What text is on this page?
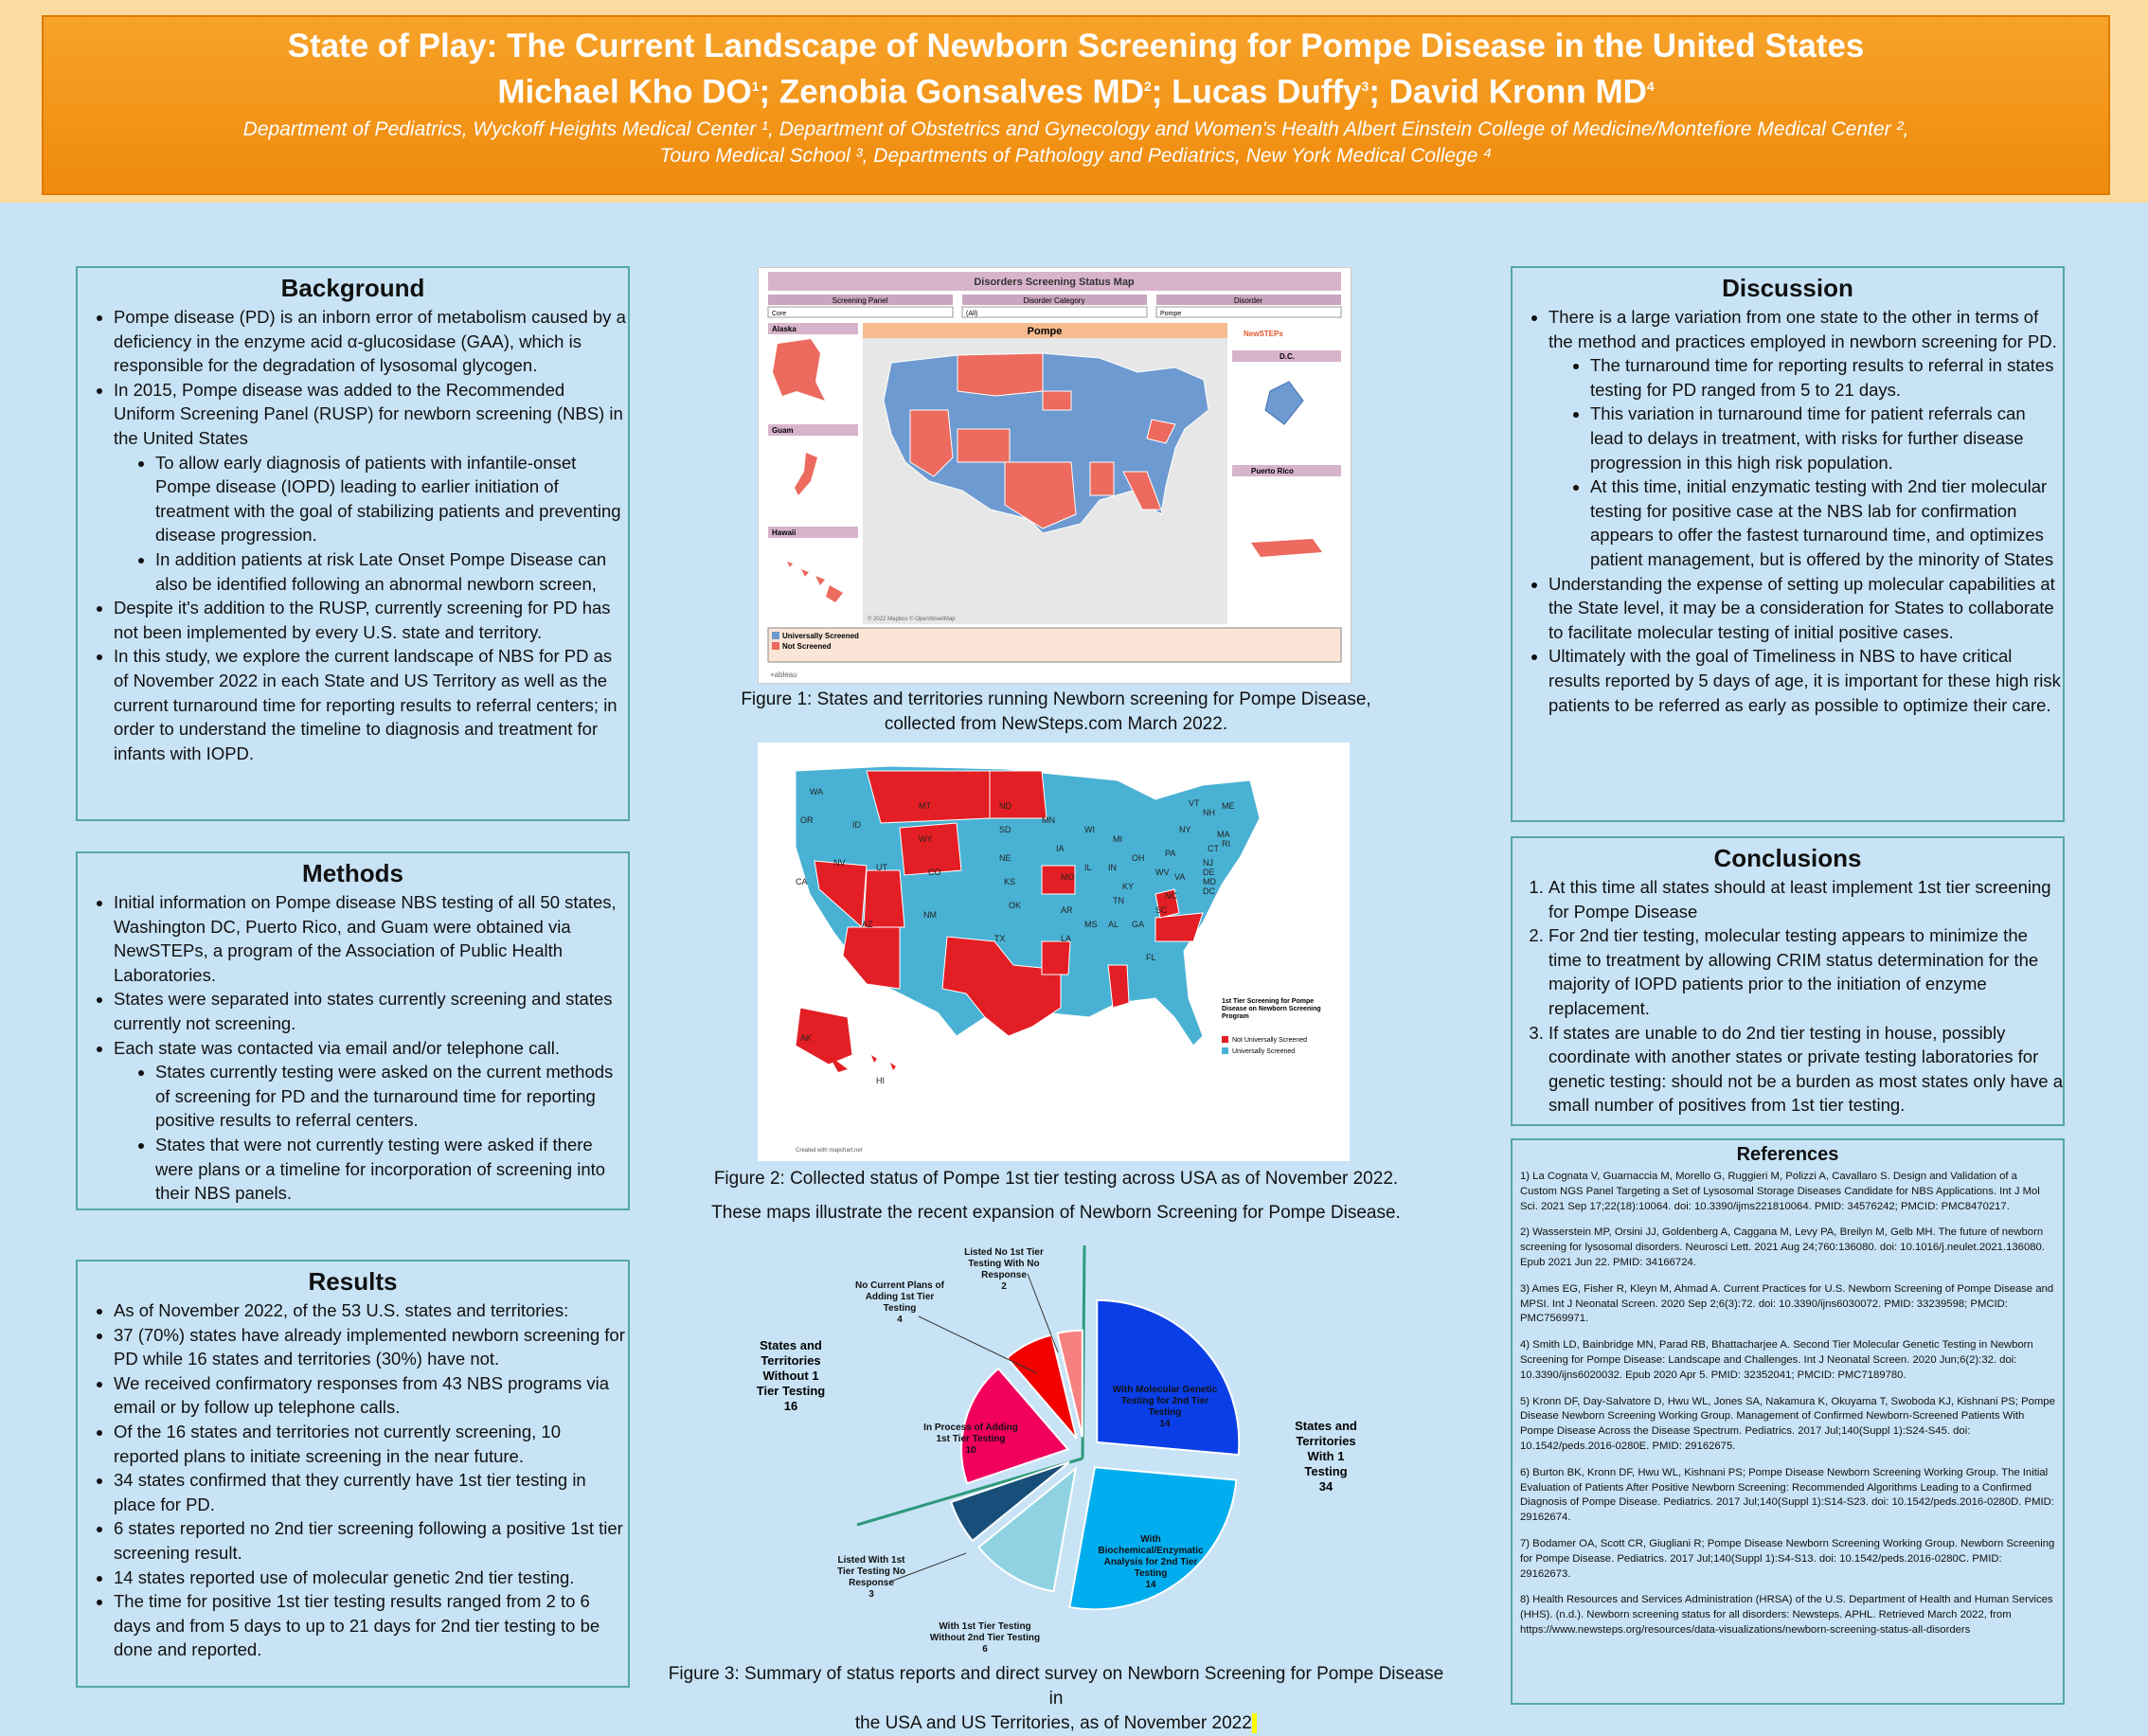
State of Play: The Current Landscape of Newborn Screening for Pompe Disease in the United States
Michael Kho $DO^1$; Zenobia Gonsalves $MD^2$; Lucas Duffy$^3$; David Kronn $MD^4$
Department of Pediatrics, Wyckoff Heights Medical Center ¹, Department of Obstetrics and Gynecology and Women's Health Albert Einstein College of Medicine/Montefiore Medical Center ²,
Touro Medical School ³, Departments of Pathology and Pediatrics, New York Medical College ⁴
Background
• Pompe disease (PD) is an inborn error of metabolism caused by a deficiency in the enzyme acid α-glucosidase (GAA), which is responsible for the degradation of lysosomal glycogen.
• In 2015, Pompe disease was added to the Recommended Uniform Screening Panel (RUSP) for newborn screening (NBS) in the United States
• To allow early diagnosis of patients with infantile-onset Pompe disease (IOPD) leading to earlier initiation of treatment with the goal of stabilizing patients and preventing disease progression.
• In addition patients at risk Late Onset Pompe Disease can also be identified following an abnormal newborn screen,
• Despite it's addition to the RUSP, currently screening for PD has not been implemented by every U.S. state and territory.
• In this study, we explore the current landscape of NBS for PD as of November 2022 in each State and US Territory as well as the current turnaround time for reporting results to referral centers; in order to understand the timeline to diagnosis and treatment for infants with IOPD.
Methods
• Initial information on Pompe disease NBS testing of all 50 states, Washington DC, Puerto Rico, and Guam were obtained via NewSTEPs, a program of the Association of Public Health Laboratories.
• States were separated into states currently screening and states currently not screening.
• Each state was contacted via email and/or telephone call.
• States currently testing were asked on the current methods of screening for PD and the turnaround time for reporting positive results to referral centers.
• States that were not currently testing were asked if there were plans or a timeline for incorporation of screening into their NBS panels.
Results
• As of November 2022, of the 53 U.S. states and territories:
• 37 (70%) states have already implemented newborn screening for PD while 16 states and territories (30%) have not.
• We received confirmatory responses from 43 NBS programs via email or by follow up telephone calls.
• Of the 16 states and territories not currently screening, 10 reported plans to initiate screening in the near future.
• 34 states confirmed that they currently have 1st tier testing in place for PD.
• 6 states reported no 2nd tier screening following a positive 1st tier screening result.
• 14 states reported use of molecular genetic 2nd tier testing.
• The time for positive 1st tier testing results ranged from 2 to 6 days and from 5 days to up to 21 days for 2nd tier testing to be done and reported.
Disorders Screening Status Map
Screening Panel	Disorder Category	Disorder
Core	(All)	Pompe
Alaska
Guam
Hawaii
Pompe
© 2022 Mapbox © OpenStreetMap
NewSTEPs
D.C.
Puerto Rico
Universally Screened
Not Screened
+ableau
Figure 1: States and territories running Newborn screening for Pompe Disease,
collected from NewSteps.com March 2022.
WA
OR
CA
NV
ID
MT
WY
UT
AZ
CO
NM
ND
SD
NE
KS
OK
TX
MN
IA
MO
AR
LA
WI
IL
MI
IN
OH
KY
TN
MS AL GA
FL
SC
NC
VA
WV
PA
NY
VT
NH
ME
MA
RI
CT
NJ
DE
MD
DC
AK
HI
1st Tier Screening for Pompe Disease on Newborn Screening Program
Not Universally Screened
Universally Screened
Created with mapchart.net
Figure 2: Collected status of Pompe 1st tier testing across USA as of November 2022.
These maps illustrate the recent expansion of Newborn Screening for Pompe Disease.
With Molecular Genetic Testing for 2nd Tier Testing 14
With Biochemical/Enzymatic Analysis for 2nd Tier Testing 14
With 1st Tier Testing Without 2nd Tier Testing 6
Listed With 1st Tier Testing No Response 3
In Process of Adding 1st Tier Testing 10
No Current Plans of Adding 1st Tier Testing 4
Listed No 1st Tier Testing With No Response 2
States and Territories Without 1 Tier Testing 16
States and Territories With 1 Testing 34
Figure 3: Summary of status reports and direct survey on Newborn Screening for Pompe Disease in
the USA and US Territories, as of November 2022
Discussion
• There is a large variation from one state to the other in terms of the method and practices employed in newborn screening for PD.
• The turnaround time for reporting results to referral in states testing for PD ranged from 5 to 21 days.
• This variation in turnaround time for patient referrals can lead to delays in treatment, with risks for further disease progression in this high risk population.
• At this time, initial enzymatic testing with 2nd tier molecular testing for positive case at the NBS lab for confirmation appears to offer the fastest turnaround time, and optimizes patient management, but is offered by the minority of States
• Understanding the expense of setting up molecular capabilities at the State level, it may be a consideration for States to collaborate to facilitate molecular testing of initial positive cases.
• Ultimately with the goal of Timeliness in NBS to have critical results reported by 5 days of age, it is important for these high risk patients to be referred as early as possible to optimize their care.
Conclusions
1. At this time all states should at least implement 1st tier screening for Pompe Disease
2. For 2nd tier testing, molecular testing appears to minimize the time to treatment by allowing CRIM status determination for the majority of IOPD patients prior to the initiation of enzyme replacement.
3. If states are unable to do 2nd tier testing in house, possibly coordinate with another states or private testing laboratories for genetic testing: should not be a burden as most states only have a small number of positives from 1st tier testing.
References

1) La Cognata V, Guarnaccia M, Morello G, Ruggieri M, Polizzi A, Cavallaro S. Design and Validation of a Custom NGS Panel Targeting a Set of Lysosomal Storage Diseases Candidate for NBS Applications. Int J Mol Sci. 2021 Sep 17;22(18):10064. doi: 10.3390/ijms221810064. PMID: 34576242; PMCID: PMC8470217.

2) Wasserstein MP, Orsini JJ, Goldenberg A, Caggana M, Levy PA, Breilyn M, Gelb MH. The future of newborn screening for lysosomal disorders. Neurosci Lett. 2021 Aug 24;760:136080. doi: 10.1016/j.neulet.2021.136080. Epub 2021 Jun 22. PMID: 34166724.

3) Ames EG, Fisher R, Kleyn M, Ahmad A. Current Practices for U.S. Newborn Screening of Pompe Disease and MPSI. Int J Neonatal Screen. 2020 Sep 2;6(3):72. doi: 10.3390/ijns6030072. PMID: 33239598; PMCID: PMC7569971.

4) Smith LD, Bainbridge MN, Parad RB, Bhattacharjee A. Second Tier Molecular Genetic Testing in Newborn Screening for Pompe Disease: Landscape and Challenges. Int J Neonatal Screen. 2020 Jun;6(2):32. doi: 10.3390/ijns6020032. Epub 2020 Apr 5. PMID: 32352041; PMCID: PMC7189780.

5) Kronn DF, Day-Salvatore D, Hwu WL, Jones SA, Nakamura K, Okuyama T, Swoboda KJ, Kishnani PS; Pompe Disease Newborn Screening Working Group. Management of Confirmed Newborn-Screened Patients With Pompe Disease Across the Disease Spectrum. Pediatrics. 2017 Jul;140(Suppl 1):S24-S45. doi: 10.1542/peds.2016-0280E. PMID: 29162675.

6) Burton BK, Kronn DF, Hwu WL, Kishnani PS; Pompe Disease Newborn Screening Working Group. The Initial Evaluation of Patients After Positive Newborn Screening: Recommended Algorithms Leading to a Confirmed Diagnosis of Pompe Disease. Pediatrics. 2017 Jul;140(Suppl 1):S14-S23. doi: 10.1542/peds.2016-0280D. PMID: 29162674.

7) Bodamer OA, Scott CR, Giugliani R; Pompe Disease Newborn Screening Working Group. Newborn Screening for Pompe Disease. Pediatrics. 2017 Jul;140(Suppl 1):S4-S13. doi: 10.1542/peds.2016-0280C. PMID: 29162673.

8) Health Resources and Services Administration (HRSA) of the U.S. Department of Health and Human Services (HHS). (n.d.). Newborn screening status for all disorders: Newsteps. APHL. Retrieved March 2022, from https://www.newsteps.org/resources/data-visualizations/newborn-screening-status-all-disorders
